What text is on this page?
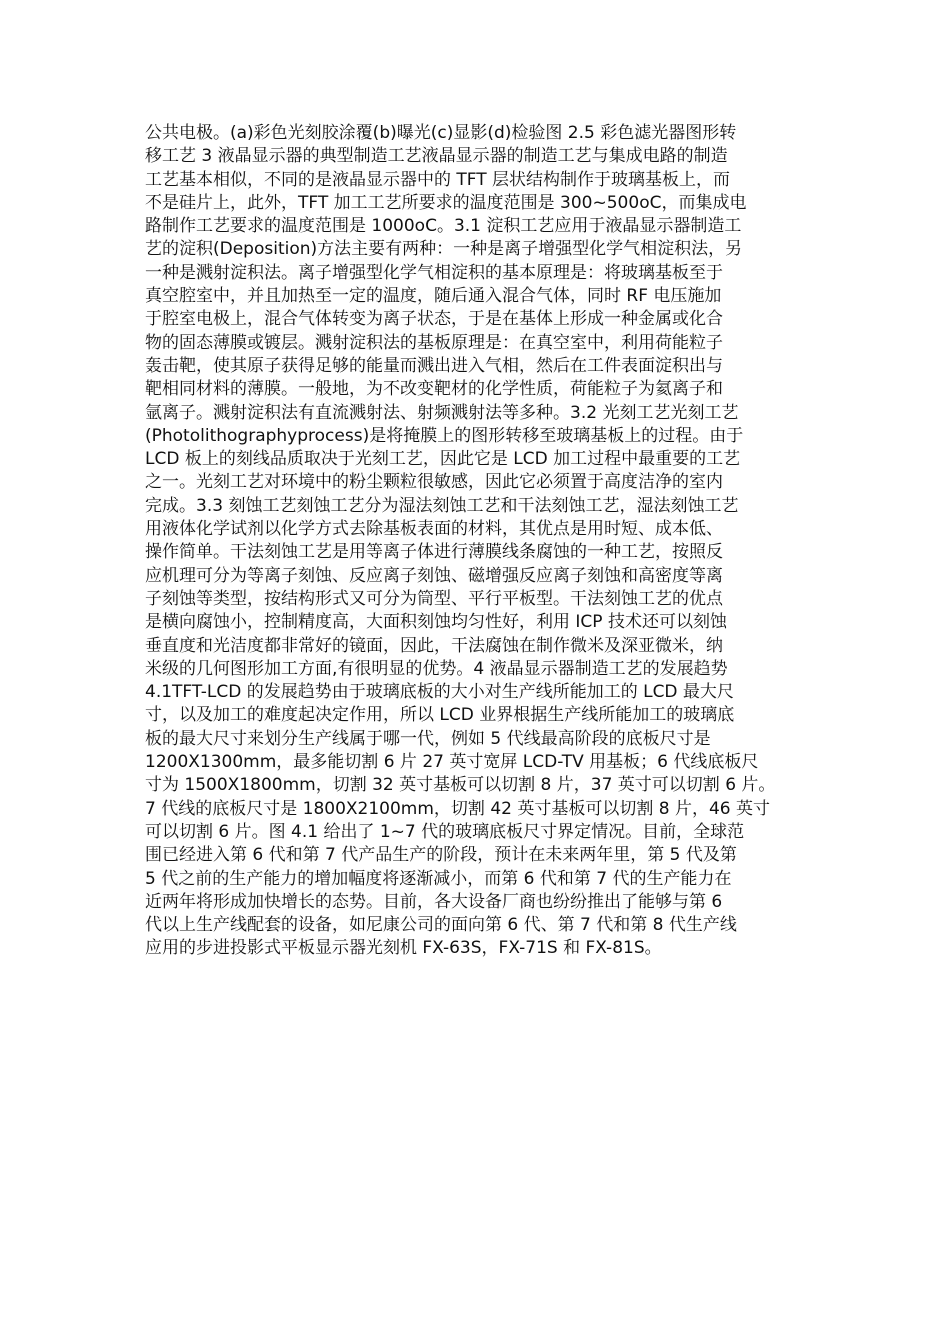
公共电极。(a)彩色光刻胶涂覆(b)曝光(c)显影(d)检验图 2.5 彩色滤光器图形转
移工艺 3 液晶显示器的典型制造工艺液晶显示器的制造工艺与集成电路的制造
工艺基本相似，不同的是液晶显示器中的 TFT 层状结构制作于玻璃基板上，而
不是硅片上，此外，TFT 加工工艺所要求的温度范围是 300~500oC，而集成电
路制作工艺要求的温度范围是 1000oC。3.1 淀积工艺应用于液晶显示器制造工
艺的淀积(Deposition)方法主要有两种：一种是离子增强型化学气相淀积法，另
一种是溅射淀积法。离子增强型化学气相淀积的基本原理是：将玻璃基板至于
真空腔室中，并且加热至一定的温度，随后通入混合气体，同时 RF 电压施加
于腔室电极上，混合气体转变为离子状态，于是在基体上形成一种金属或化合
物的固态薄膜或镀层。溅射淀积法的基板原理是：在真空室中，利用荷能粒子
轰击靶，使其原子获得足够的能量而溅出进入气相，然后在工件表面淀积出与
靶相同材料的薄膜。一般地，为不改变靶材的化学性质，荷能粒子为氦离子和
氩离子。溅射淀积法有直流溅射法、射频溅射法等多种。3.2 光刻工艺光刻工艺
(Photolithographyprocess)是将掩膜上的图形转移至玻璃基板上的过程。由于
LCD 板上的刻线品质取决于光刻工艺，因此它是 LCD 加工过程中最重要的工艺
之一。光刻工艺对环境中的粉尘颗粒很敏感，因此它必须置于高度洁净的室内
完成。3.3 刻蚀工艺刻蚀工艺分为湿法刻蚀工艺和干法刻蚀工艺，湿法刻蚀工艺
用液体化学试剂以化学方式去除基板表面的材料，其优点是用时短、成本低、
操作简单。干法刻蚀工艺是用等离子体进行薄膜线条腐蚀的一种工艺，按照反
应机理可分为等离子刻蚀、反应离子刻蚀、磁增强反应离子刻蚀和高密度等离
子刻蚀等类型，按结构形式又可分为筒型、平行平板型。干法刻蚀工艺的优点
是横向腐蚀小，控制精度高，大面积刻蚀均匀性好，利用 ICP 技术还可以刻蚀
垂直度和光洁度都非常好的镜面，因此，干法腐蚀在制作微米及深亚微米，纳
米级的几何图形加工方面,有很明显的优势。4 液晶显示器制造工艺的发展趋势
4.1TFT-LCD 的发展趋势由于玻璃底板的大小对生产线所能加工的 LCD 最大尺
寸，以及加工的难度起决定作用，所以 LCD 业界根据生产线所能加工的玻璃底
板的最大尺寸来划分生产线属于哪一代，例如 5 代线最高阶段的底板尺寸是
1200X1300mm，最多能切割 6 片 27 英寸宽屏 LCD-TV 用基板；6 代线底板尺
寸为 1500X1800mm，切割 32 英寸基板可以切割 8 片，37 英寸可以切割 6 片。
7 代线的底板尺寸是 1800X2100mm，切割 42 英寸基板可以切割 8 片，46 英寸
可以切割 6 片。图 4.1 给出了 1~7 代的玻璃底板尺寸界定情况。目前，全球范
围已经进入第 6 代和第 7 代产品生产的阶段，预计在未来两年里，第 5 代及第
5 代之前的生产能力的增加幅度将逐渐减小，而第 6 代和第 7 代的生产能力在
近两年将形成加快增长的态势。目前，各大设备厂商也纷纷推出了能够与第 6
代以上生产线配套的设备，如尼康公司的面向第 6 代、第 7 代和第 8 代生产线
应用的步进投影式平板显示器光刻机 FX-63S，FX-71S 和 FX-81S。
